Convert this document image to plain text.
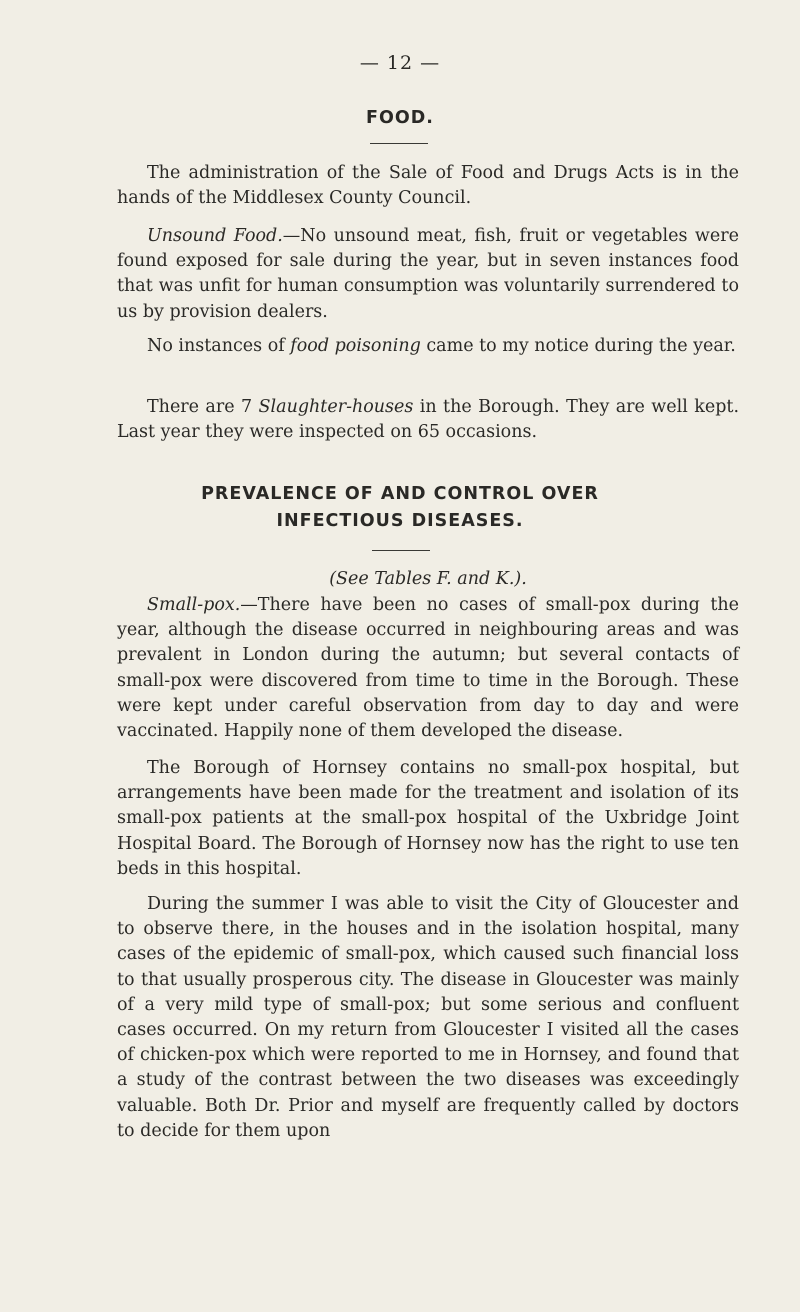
— 12 —
FOOD.

The administration of the Sale of Food and Drugs Acts is in the hands of the Middlesex County Council.

Unsound Food.—No unsound meat, fish, fruit or vegetables were found exposed for sale during the year, but in seven instances food that was unfit for human consumption was voluntarily surrendered to us by provision dealers.

No instances of food poisoning came to my notice during the year.

There are 7 Slaughter-houses in the Borough. They are well kept. Last year they were inspected on 65 occasions.

PREVALENCE OF AND CONTROL OVER
INFECTIOUS DISEASES.

(See Tables F. and K.).

Small-pox.—There have been no cases of small-pox during the year, although the disease occurred in neighbouring areas and was prevalent in London during the autumn; but several contacts of small-pox were discovered from time to time in the Borough. These were kept under careful observation from day to day and were vaccinated. Happily none of them developed the disease.

The Borough of Hornsey contains no small-pox hospital, but arrangements have been made for the treatment and isolation of its small-pox patients at the small-pox hospital of the Uxbridge Joint Hospital Board. The Borough of Hornsey now has the right to use ten beds in this hospital.

During the summer I was able to visit the City of Gloucester and to observe there, in the houses and in the isolation hospital, many cases of the epidemic of small-pox, which caused such financial loss to that usually prosperous city. The disease in Gloucester was mainly of a very mild type of small-pox; but some serious and confluent cases occurred. On my return from Gloucester I visited all the cases of chicken-pox which were reported to me in Hornsey, and found that a study of the contrast between the two diseases was exceedingly valuable. Both Dr. Prior and myself are frequently called by doctors to decide for them upon
